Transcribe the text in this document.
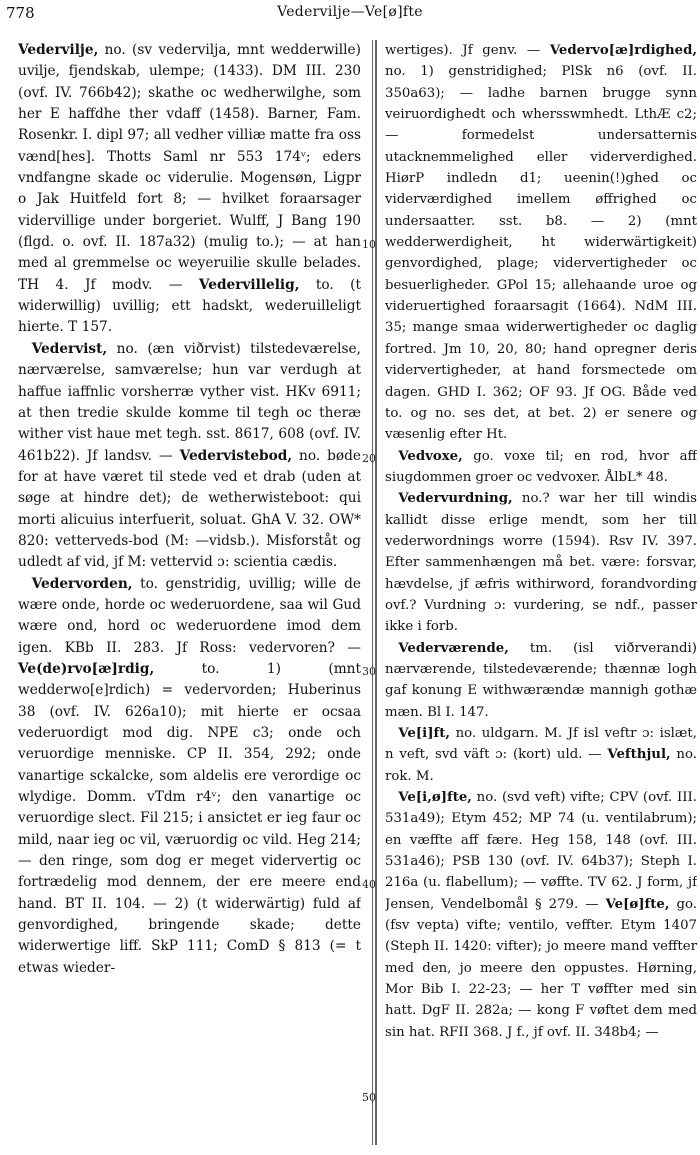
778	Vedervilje—Ve[ø]fte

Vedervilje, no. (sv vedervilja, mnt wedderwille) uvilje, fjendskab, ulempe; (1433). DM III. 230 (ovf. IV. 766b42); skathe oc wedherwilghe, som her E haffdhe ther vdaff (1458). Barner, Fam. Rosenkr. I. dipl 97; all vedher villiæ matte fra oss vænd[hes]. Thotts Saml nr 553 174ᵛ; eders vndfangne skade oc viderulie. Mogensøn, Ligpr o Jak Huitfeld fort 8; — hvilket foraarsager vidervillige under borgeriet. Wulff, J Bang 190 (flgd. o. ovf. II. 187a32) (mulig to.); — at han med al gremmelse oc weyeruilie skulle belades. TH 4. Jf modv. — Vedervillelig, to. (t widerwillig) uvillig; ett hadskt, wederuilleligt hierte. T 157.

 Vedervist, no. (æn viðrvist) tilstedeværelse, nærværelse, samværelse; hun var verdugh at haffue iaffnlic vorsherræ vyther vist. HKv 6911; at then tredie skulde komme til tegh oc theræ wither vist haue met tegh. sst. 8617, 608 (ovf. IV. 461b22). Jf landsv. — Vedervistebod, no. bøde for at have været til stede ved et drab (uden at søge at hindre det); de wetherwisteboot: qui morti alicuius interfuerit, soluat. GhA V. 32. OW* 820: vetterveds-bod (M: —vidsb.). Misforståt og udledt af vid, jf M: vettervid ɔ: scientia cædis.

 Vedervorden, to. genstridig, uvillig; wille de wære onde, horde oc wederuordene, saa wil Gud wære ond, hord oc wederuordene imod dem igen. KBb II. 283. Jf Ross: vedervoren? — Ve(de)rvo[æ]rdig, to. 1) (mnt wedderwo[e]rdich) = vedervorden; Huberinus 38 (ovf. IV. 626a10); mit hierte er ocsaa vederuordigt mod dig. NPE c3; onde och veruordige menniske. CP II. 354, 292; onde vanartige sckalcke, som aldelis ere verordige oc wlydige. Domm. vTdm r4ᵛ; den vanartige oc veruordige slect. Fil 215; i ansictet er ieg faur oc mild, naar ieg oc vil, væruordig oc vild. Heg 214; — den ringe, som dog er meget vidervertig oc fortrædelig mod dennem, der ere meere end hand. BT II. 104. — 2) (t widerwärtig) fuld af genvordighed, bringende skade; dette widerwertige liff. SkP 111; ComD § 813 (= t etwas wieder-

10
20
30
40
50

wertiges). Jf genv. — Vedervo[æ]rdighed, no. 1) genstridighed; PlSk n6 (ovf. II. 350a63); — ladhe barnen brugge synn veiruordighedt och whersswmhedt. LthÆ c2; — formedelst undersatternis utacknemmelighed eller viderverdighed. HiørP indledn d1; ueenin(!)ghed oc viderværdighed imellem øffrighed oc undersaatter. sst. b8. — 2) (mnt wedderwerdigheit, ht widerwärtigkeit) genvordighed, plage; vidervertigheder oc besuerligheder. GPol 15; allehaande uroe og videruertighed foraarsagit (1664). NdM III. 35; mange smaa widerwertigheder oc daglig fortred. Jm 10, 20, 80; hand opregner deris vidervertigheder, at hand forsmectede om dagen. GHD I. 362; OF 93. Jf OG. Både ved to. og no. ses det, at bet. 2) er senere og væsenlig efter Ht.

 Vedvoxe, go. voxe til; en rod, hvor aff siugdommen groer oc vedvoxer. ÅlbL* 48.

 Vedervurdning, no.? war her till windis kallidt disse erlige mendt, som her till vederwordnings worre (1594). Rsv IV. 397. Efter sammenhængen må bet. være: forsvar, hævdelse, jf æfris withirword, forandvording ovf.? Vurdning ɔ: vurdering, se ndf., passer ikke i forb.

 Vederværende, tm. (isl viðrverandi) nærværende, tilstedeværende; thænnæ logh gaf konung E withwærændæ mannigh gothæ mæn. Bl I. 147.

 Ve[i]ft, no. uldgarn. M. Jf isl veftr ɔ: islæt, n veft, svd väft ɔ: (kort) uld. — Vefthjul, no. rok. M.

 Ve[i,ø]fte, no. (svd veft) vifte; CPV (ovf. III. 531a49); Etym 452; MP 74 (u. ventilabrum); en væffte aff fære. Heg 158, 148 (ovf. III. 531a46); PSB 130 (ovf. IV. 64b37); Steph I. 216a (u. flabellum); — vøffte. TV 62. J form, jf Jensen, Vendelbomål § 279. — Ve[ø]fte, go. (fsv vepta) vifte; ventilo, veffter. Etym 1407 (Steph II. 1420: vifter); jo meere mand veffter med den, jo meere den oppustes. Hørning, Mor Bib I. 22-23; — her T vøffter med sin hatt. DgF II. 282a; — kong F vøftet dem med sin hat. RFII 368. J f., jf ovf. II. 348b4; —
